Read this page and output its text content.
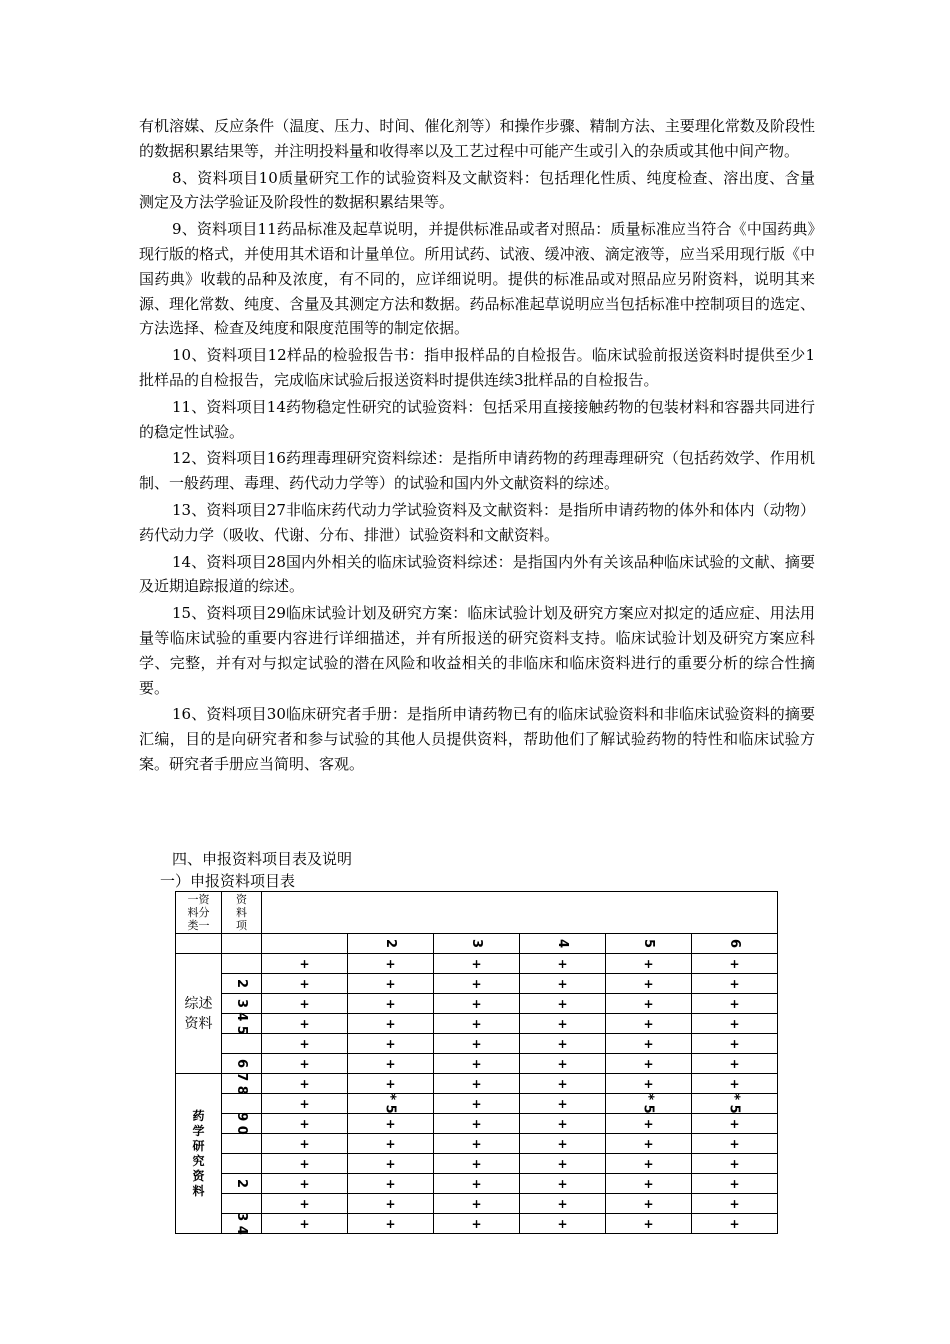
有机溶媒、反应条件（温度、压力、时间、催化剂等）和操作步骤、精制方法、主要理化常数及阶段性的数据积累结果等，并注明投料量和收得率以及工艺过程中可能产生或引入的杂质或其他中间产物。

8、资料项目10质量研究工作的试验资料及文献资料：包括理化性质、纯度检查、溶出度、含量测定及方法学验证及阶段性的数据积累结果等。

9、资料项目11药品标准及起草说明，并提供标准品或者对照品：质量标准应当符合《中国药典》现行版的格式，并使用其术语和计量单位。所用试药、试液、缓冲液、滴定液等，应当采用现行版《中国药典》收载的品种及浓度，有不同的，应详细说明。提供的标准品或对照品应另附资料，说明其来源、理化常数、纯度、含量及其测定方法和数据。药品标准起草说明应当包括标准中控制项目的选定、方法选择、检查及纯度和限度范围等的制定依据。

10、资料项目12样品的检验报告书：指申报样品的自检报告。临床试验前报送资料时提供至少1批样品的自检报告，完成临床试验后报送资料时提供连续3批样品的自检报告。

11、资料项目14药物稳定性研究的试验资料：包括采用直接接触药物的包装材料和容器共同进行的稳定性试验。

12、资料项目16药理毒理研究资料综述：是指所申请药物的药理毒理研究（包括药效学、作用机制、一般药理、毒理、药代动力学等）的试验和国内外文献资料的综述。

13、资料项目27非临床药代动力学试验资料及文献资料：是指所申请药物的体外和体内（动物）药代动力学（吸收、代谢、分布、排泄）试验资料和文献资料。

14、资料项目28国内外相关的临床试验资料综述：是指国内外有关该品种临床试验的文献、摘要及近期追踪报道的综述。

15、资料项目29临床试验计划及研究方案：临床试验计划及研究方案应对拟定的适应症、用法用量等临床试验的重要内容进行详细描述，并有所报送的研究资料支持。临床试验计划及研究方案应科学、完整，并有对与拟定试验的潜在风险和收益相关的非临床和临床资料进行的重要分析的综合性摘要。

16、资料项目30临床研究者手册：是指所申请药物已有的临床试验资料和非临床试验资料的摘要汇编，目的是向研究者和参与试验的其他人员提供资料，帮助他们了解试验药物的特性和临床试验方案。研究者手册应当简明、客观。

四、申报资料项目表及说明
一）申报资料项目表
一资料分类一	资料项						
			2	3	4	5	6
综述资料		+	+	+	+	+	+
	2	+	+	+	+	+	+
	3	+	+	+	+	+	+
	4 5	+	+	+	+	+	+
		+	+	+	+	+	+
	6	+	+	+	+	+	+
药学研究资料	7 8	+	+	+	+	+	+
		+	* 5	+	+	* 5	* 5
	9 0	+	+	+	+	+	+
		+	+	+	+	+	+
		+	+	+	+	+	+
	2	+	+	+	+	+	+
		+	+	+	+	+	+
	3 4	+	+	+	+	+	+
